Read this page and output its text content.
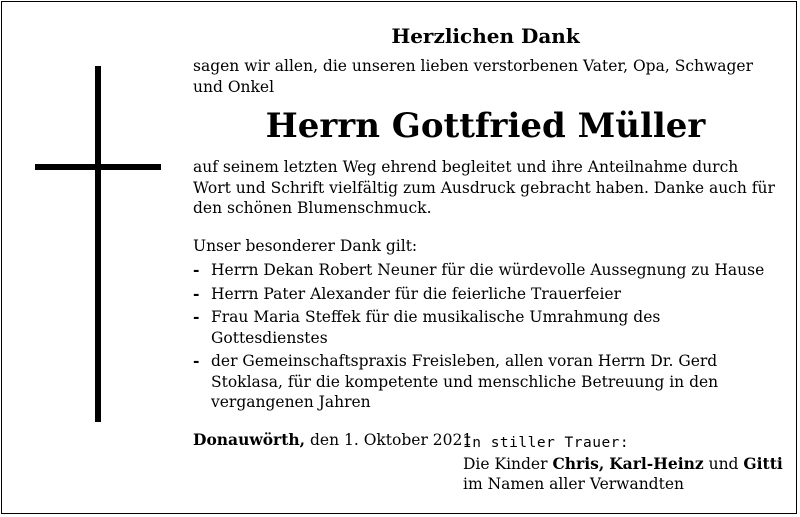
Herzlichen Dank

sagen wir allen, die unseren lieben verstorbenen Vater, Opa, Schwager und Onkel

Herrn Gottfried Müller

auf seinem letzten Weg ehrend begleitet und ihre Anteilnahme durch Wort und Schrift vielfältig zum Ausdruck gebracht haben. Danke auch für den schönen Blumenschmuck.

Unser besonderer Dank gilt:

- Herrn Dekan Robert Neuner für die würdevolle Aussegnung zu Hause
- Herrn Pater Alexander für die feierliche Trauerfeier
- Frau Maria Steffek für die musikalische Umrahmung des Gottesdienstes
- der Gemeinschaftspraxis Freisleben, allen voran Herrn Dr. Gerd Stoklasa, für die kompetente und menschliche Betreuung in den vergangenen Jahren

Donauwörth, den 1. Oktober 2021

In stiller Trauer:
Die Kinder Chris, Karl-Heinz und Gitti
im Namen aller Verwandten
